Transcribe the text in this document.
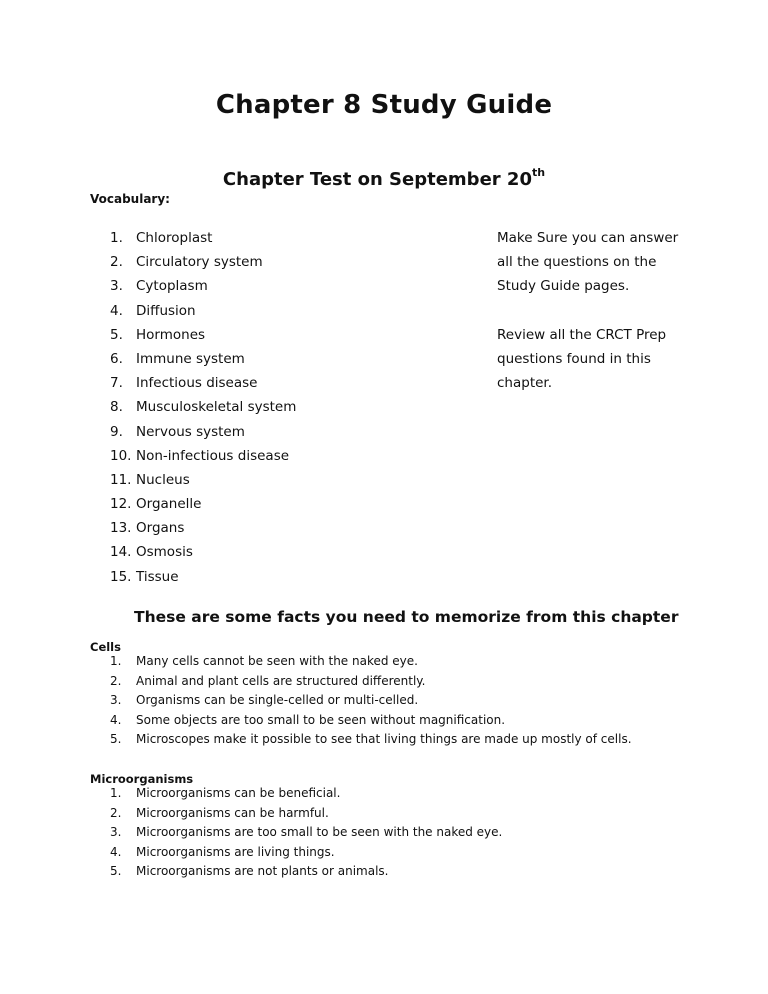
Chapter 8 Study Guide
Chapter Test on September 20th
Vocabulary:
1. Chloroplast
2. Circulatory system
3. Cytoplasm
4. Diffusion
5. Hormones
6. Immune system
7. Infectious disease
8. Musculoskeletal system
9. Nervous system
10. Non-infectious disease
11. Nucleus
12. Organelle
13. Organs
14. Osmosis
15. Tissue

Make Sure you can answer all the questions on the Study Guide pages.

Review all the CRCT Prep questions found in this chapter.

These are some facts you need to memorize from this chapter
Cells
1. Many cells cannot be seen with the naked eye.
2. Animal and plant cells are structured differently.
3. Organisms can be single-celled or multi-celled.
4. Some objects are too small to be seen without magnification.
5. Microscopes make it possible to see that living things are made up mostly of cells.
Microorganisms
1. Microorganisms can be beneficial.
2. Microorganisms can be harmful.
3. Microorganisms are too small to be seen with the naked eye.
4. Microorganisms are living things.
5. Microorganisms are not plants or animals.
